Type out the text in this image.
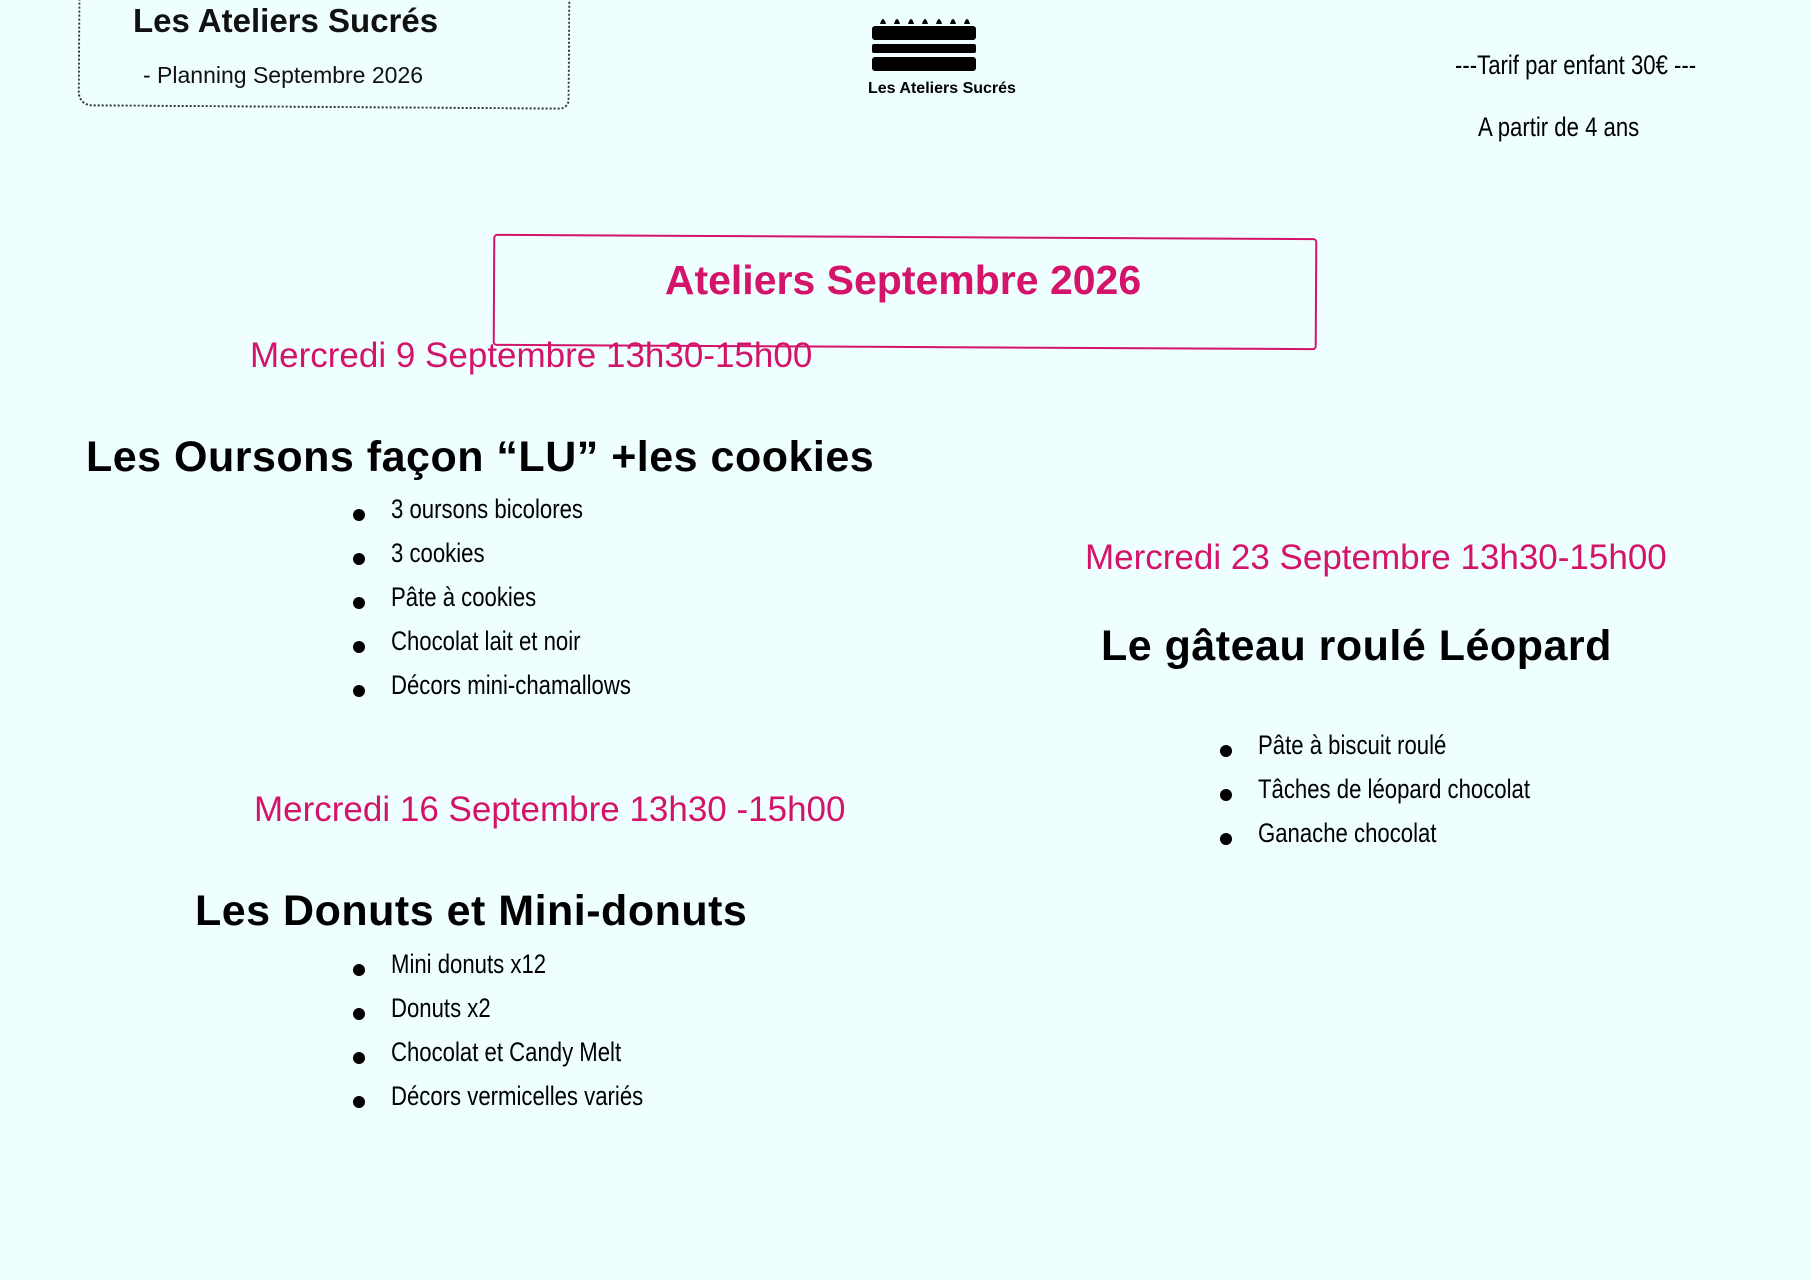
Les Ateliers Sucrés
- Planning Septembre 2026
Les Ateliers Sucrés
---Tarif par enfant 30€ ---
A partir de 4 ans
Ateliers Septembre 2026
Mercredi 9 Septembre 13h30-15h00
Les Oursons façon “LU” +les cookies
3 oursons bicolores
3 cookies
Pâte à cookies
Chocolat lait et noir
Décors mini-chamallows
Mercredi 16 Septembre 13h30 -15h00
Les Donuts et Mini-donuts
Mini donuts x12
Donuts x2
Chocolat et Candy Melt
Décors vermicelles variés
Mercredi 23 Septembre 13h30-15h00
Le gâteau roulé Léopard
Pâte à biscuit roulé
Tâches de léopard chocolat
Ganache chocolat
